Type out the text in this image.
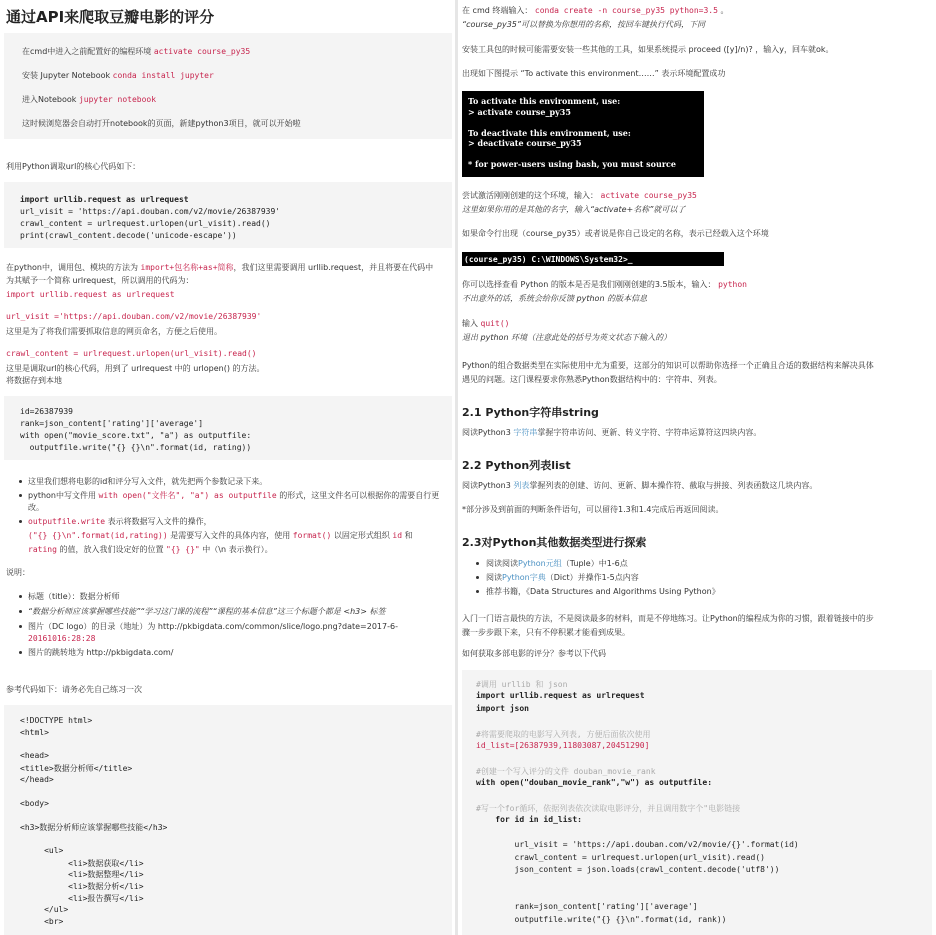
通过API来爬取豆瓣电影的评分
在cmd中进入之前配置好的编程环境 activate course_py35
安装 Jupyter Notebook conda install jupyter
进入Notebook jupyter notebook
这时候浏览器会自动打开notebook的页面，新建python3项目，就可以开始啦
利用Python调取url的核心代码如下：
import urllib.request as urlrequest
url_visit = 'https://api.douban.com/v2/movie/26387939'
crawl_content = urlrequest.urlopen(url_visit).read()
print(crawl_content.decode('unicode-escape'))
在python中，调用包、模块的方法为 import+包名称+as+简称，我们这里需要调用 urllib.request，并且将要在代码中
为其赋予一个简称 urlrequest，所以调用的代码为：
import urllib.request as urlrequest
url_visit ='https://api.douban.com/v2/movie/26387939'
这里是为了将我们需要抓取信息的网页命名，方便之后使用。
crawl_content = urlrequest.urlopen(url_visit).read()
这里是调取url的核心代码，用到了 urlrequest 中的 urlopen() 的方法。
将数据存到本地
id=26387939
rank=json_content['rating']['average']
with open("movie_score.txt", "a") as outputfile:
outputfile.write("{} {}\n".format(id, rating))
这里我们想将电影的id和评分写入文件，就先把两个参数记录下来。
python中写文件用 with open("文件名", "a") as outputfile 的形式，这里文件名可以根据你的需要自行更
改。
outputfile.write 表示将数据写入文件的操作，
("{} {}\n".format(id,rating)) 是需要写入文件的具体内容，使用 format() 以固定形式组织 id 和
rating 的值，放入我们设定好的位置 "{} {}" 中（\n 表示换行）。
说明：
标题（title）：数据分析师
“数据分析师应该掌握哪些技能”“学习这门课的流程”“课程的基本信息”这三个标题个都是 <h3> 标签
图片（DC logo）的目录（地址）为 http://pkbigdata.com/common/slice/logo.png?date=2017-6-
20161016:28:28
图片的跳转地为 http://pkbigdata.com/
参考代码如下：请务必先自己练习一次
<!DOCTYPE html>
<html>
<head>
<title>数据分析师</title>
</head>
<body>
<h3>数据分析师应该掌握哪些技能</h3>
<ul>
<li>数据获取</li>
<li>数据整理</li>
<li>数据分析</li>
<li>报告撰写</li>
</ul>
<br>
在 cmd 终端输入： conda create -n course_py35 python=3.5 。
“course_py35”可以替换为你想用的名称，按回车键执行代码，下同
安装工具包的时候可能需要安装一些其他的工具，如果系统提示 proceed ([y]/n)? ，输入y，回车就ok。
出现如下图提示 “To activate this environment……” 表示环境配置成功
To activate this environment, use:
> activate course_py35
To deactivate this environment, use:
> deactivate course_py35
* for power-users using bash, you must source
尝试激活刚刚创建的这个环境，输入： activate course_py35
这里如果你用的是其他的名字，输入“activate+名称”就可以了
如果命令行出现（course_py35）或者说是你自己设定的名称，表示已经载入这个环境
(course_py35) C:\WINDOWS\System32>_
你可以选择查看 Python 的版本是否是我们刚刚创建的3.5版本，输入： python
不出意外的话，系统会给你反馈 python 的版本信息
输入 quit()
退出 python 环境（注意此处的括号为英文状态下输入的）
Python的组合数据类型在实际使用中尤为重要，这部分的知识可以帮助你选择一个正确且合适的数据结构来解决具体
遇见的问题。这门课程要求你熟悉Python数据结构中的：字符串、列表。
2.1 Python字符串string
阅读Python3 字符串掌握字符串访问、更新、转义字符、字符串运算符这四块内容。
2.2 Python列表list
阅读Python3 列表掌握列表的创建、访问、更新、脚本操作符、截取与拼接、列表函数这几块内容。
*部分涉及到前面的判断条件语句，可以留待1.3和1.4完成后再返回阅读。
2.3对Python其他数据类型进行探索
阅读阅读Python元组（Tuple）中1-6点
阅读Python字典（Dict）并操作1-5点内容
推荐书籍，《Data Structures and Algorithms Using Python》
入门一门语言最快的方法，不是阅读最多的材料，而是不停地练习。让Python的编程成为你的习惯，跟着链接中的步
骤一步步跟下来，只有不停积累才能看到成果。
如何获取多部电影的评分？参考以下代码
#调用 urllib 和 json
import urllib.request as urlrequest
import json
#将需要爬取的电影写入列表, 方便后面依次使用
id_list=[26387939,11803087,20451290]
#创建一个写入评分的文件 douban_movie_rank
with open("douban_movie_rank","w") as outputfile:
#写一个for循环，依据列表依次读取电影评分，并且调用数字个"电影链接
for id in id_list:
url_visit = 'https://api.douban.com/v2/movie/{}'.format(id)
crawl_content = urlrequest.urlopen(url_visit).read()
json_content = json.loads(crawl_content.decode('utf8'))
rank=json_content['rating']['average']
outputfile.write("{} {}\n".format(id, rank))
